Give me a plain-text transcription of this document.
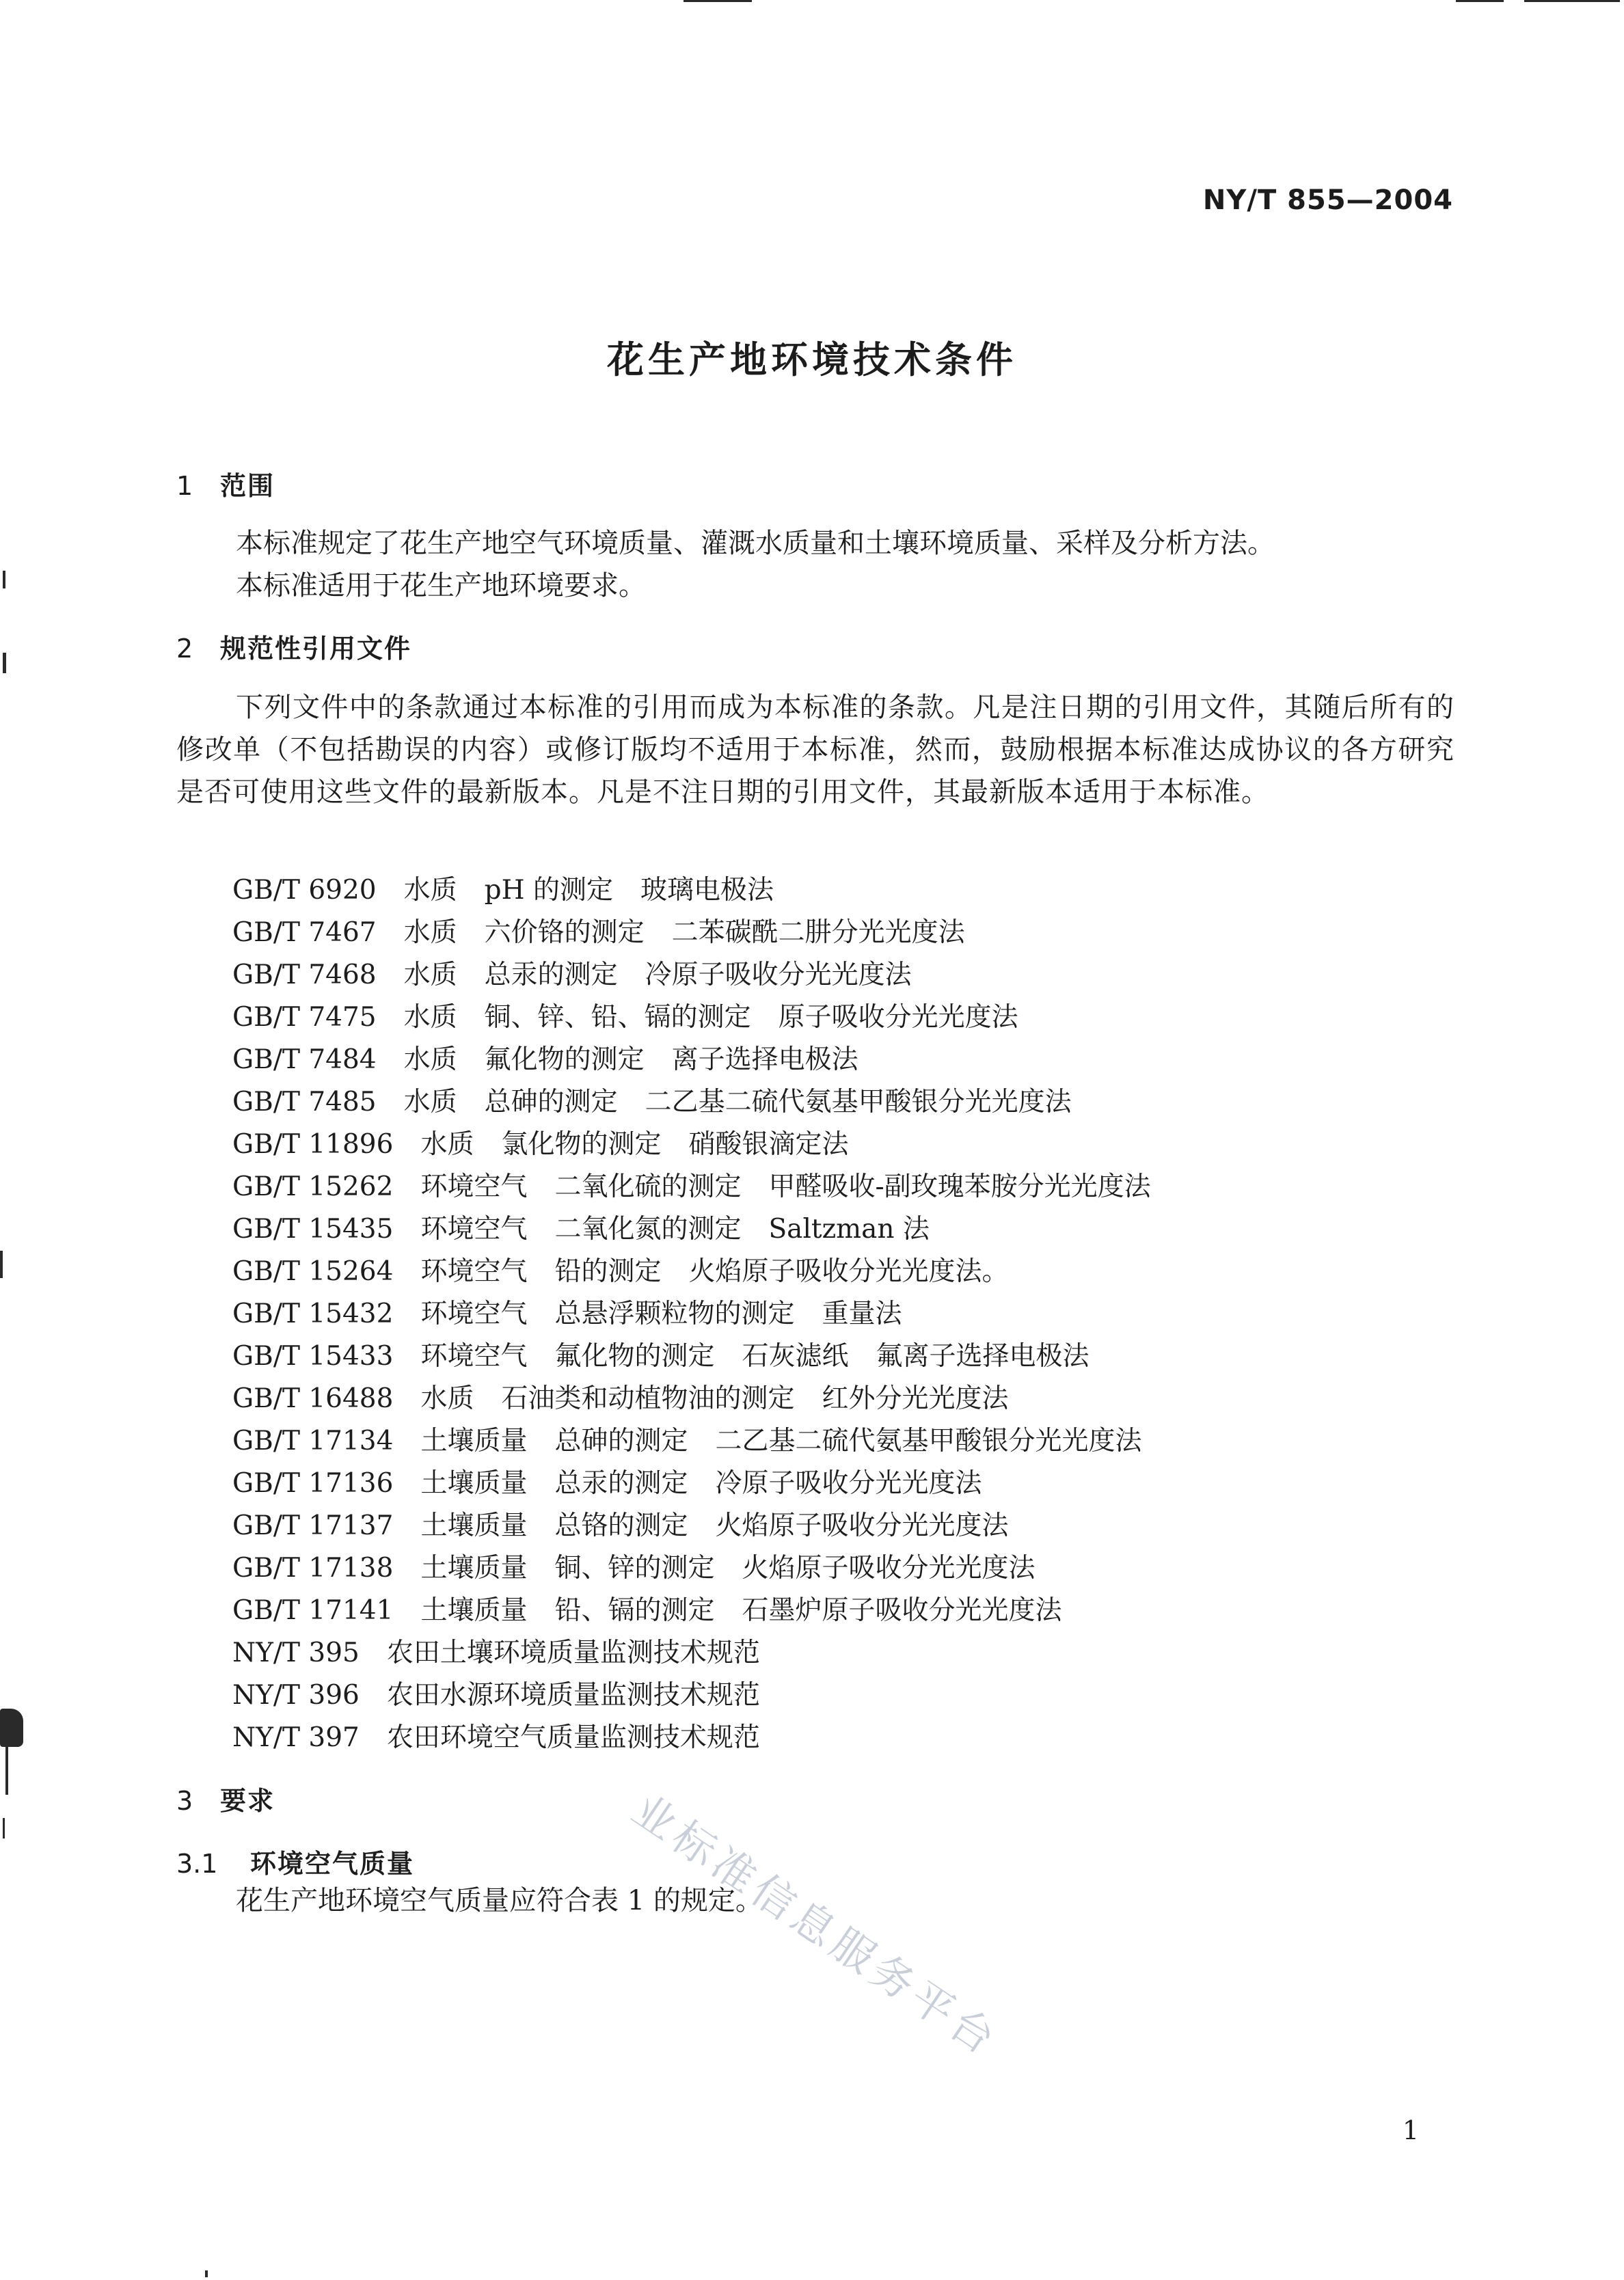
NY/T 855—2004
花生产地环境技术条件
1	范围
本标准规定了花生产地空气环境质量、灌溉水质量和土壤环境质量、采样及分析方法。
本标准适用于花生产地环境要求。
2	规范性引用文件
下列文件中的条款通过本标准的引用而成为本标准的条款。凡是注日期的引用文件，其随后所有的修改单（不包括勘误的内容）或修订版均不适用于本标准，然而，鼓励根据本标准达成协议的各方研究是否可使用这些文件的最新版本。凡是不注日期的引用文件，其最新版本适用于本标准。
GB/T 6920 水质 pH 的测定 玻璃电极法
GB/T 7467 水质 六价铬的测定 二苯碳酰二肼分光光度法
GB/T 7468 水质 总汞的测定 冷原子吸收分光光度法
GB/T 7475 水质 铜、锌、铅、镉的测定 原子吸收分光光度法
GB/T 7484 水质 氟化物的测定 离子选择电极法
GB/T 7485 水质 总砷的测定 二乙基二硫代氨基甲酸银分光光度法
GB/T 11896 水质 氯化物的测定 硝酸银滴定法
GB/T 15262 环境空气 二氧化硫的测定 甲醛吸收-副玫瑰苯胺分光光度法
GB/T 15435 环境空气 二氧化氮的测定 Saltzman 法
GB/T 15264 环境空气 铅的测定 火焰原子吸收分光光度法。
GB/T 15432 环境空气 总悬浮颗粒物的测定 重量法
GB/T 15433 环境空气 氟化物的测定 石灰滤纸 氟离子选择电极法
GB/T 16488 水质 石油类和动植物油的测定 红外分光光度法
GB/T 17134 土壤质量 总砷的测定 二乙基二硫代氨基甲酸银分光光度法
GB/T 17136 土壤质量 总汞的测定 冷原子吸收分光光度法
GB/T 17137 土壤质量 总铬的测定 火焰原子吸收分光光度法
GB/T 17138 土壤质量 铜、锌的测定 火焰原子吸收分光光度法
GB/T 17141 土壤质量 铅、镉的测定 石墨炉原子吸收分光光度法
NY/T 395 农田土壤环境质量监测技术规范
NY/T 396 农田水源环境质量监测技术规范
NY/T 397 农田环境空气质量监测技术规范
3	要求
3.1	环境空气质量
花生产地环境空气质量应符合表 1 的规定。
业标准信息服务平台
1
